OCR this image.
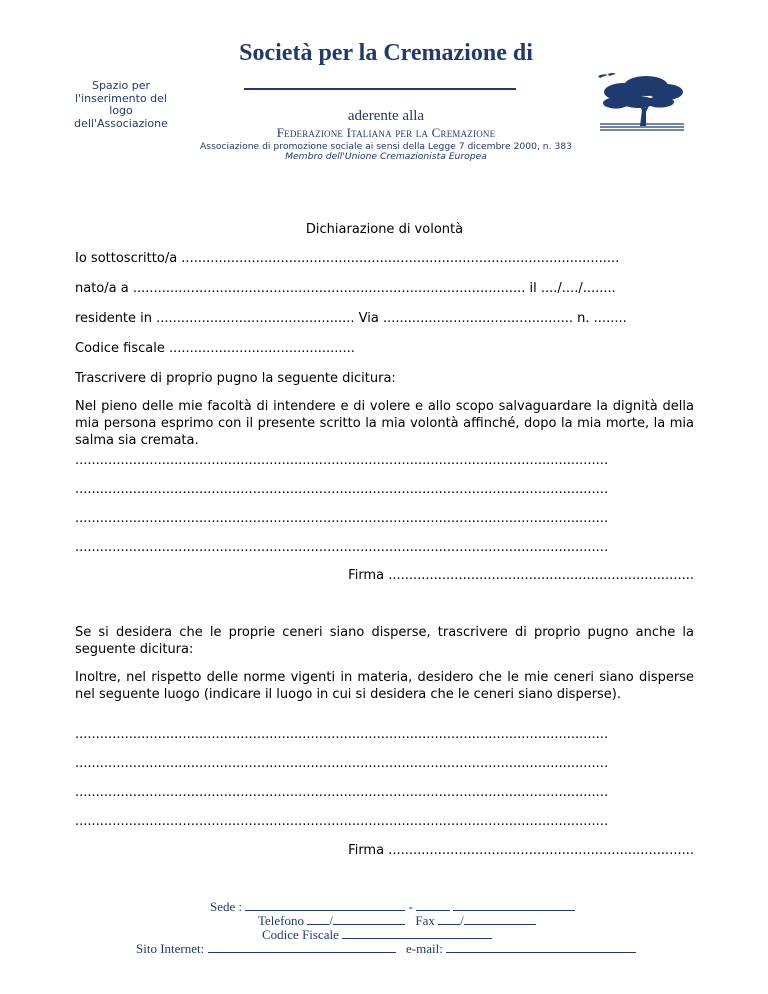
Spazio per l'inserimento del logo dell'Associazione
Società per la Cremazione di
aderente alla
Federazione Italiana per la Cremazione
Associazione di promozione sociale ai sensi della Legge 7 dicembre 2000, n. 383
Membro dell'Unione Cremazionista Europea
Dichiarazione di volontà
Io sottoscritto/a ..........................................................................................................
nato/a a ............................................................................................... il ..../..../........
residente in ................................................ Via .............................................. n. ........
Codice fiscale .............................................
Trascrivere di proprio pugno la seguente dicitura:
Nel pieno delle mie facoltà di intendere e di volere e allo scopo salvaguardare la dignità della mia persona esprimo con il presente scritto la mia volontà affinché, dopo la mia morte, la mia salma sia cremata.
.................................................................................................................................
.................................................................................................................................
.................................................................................................................................
.................................................................................................................................
Firma ..........................................................................
Se si desidera che le proprie ceneri siano disperse, trascrivere di proprio pugno anche la seguente dicitura:
Inoltre, nel rispetto delle norme vigenti in materia, desidero che le mie ceneri siano disperse nel seguente luogo (indicare il luogo in cui si desidera che le ceneri siano disperse).
.................................................................................................................................
.................................................................................................................................
.................................................................................................................................
.................................................................................................................................
Firma ..........................................................................
Sede :	-
Telefono /	Fax /
Codice Fiscale
Sito Internet:	e-mail:
